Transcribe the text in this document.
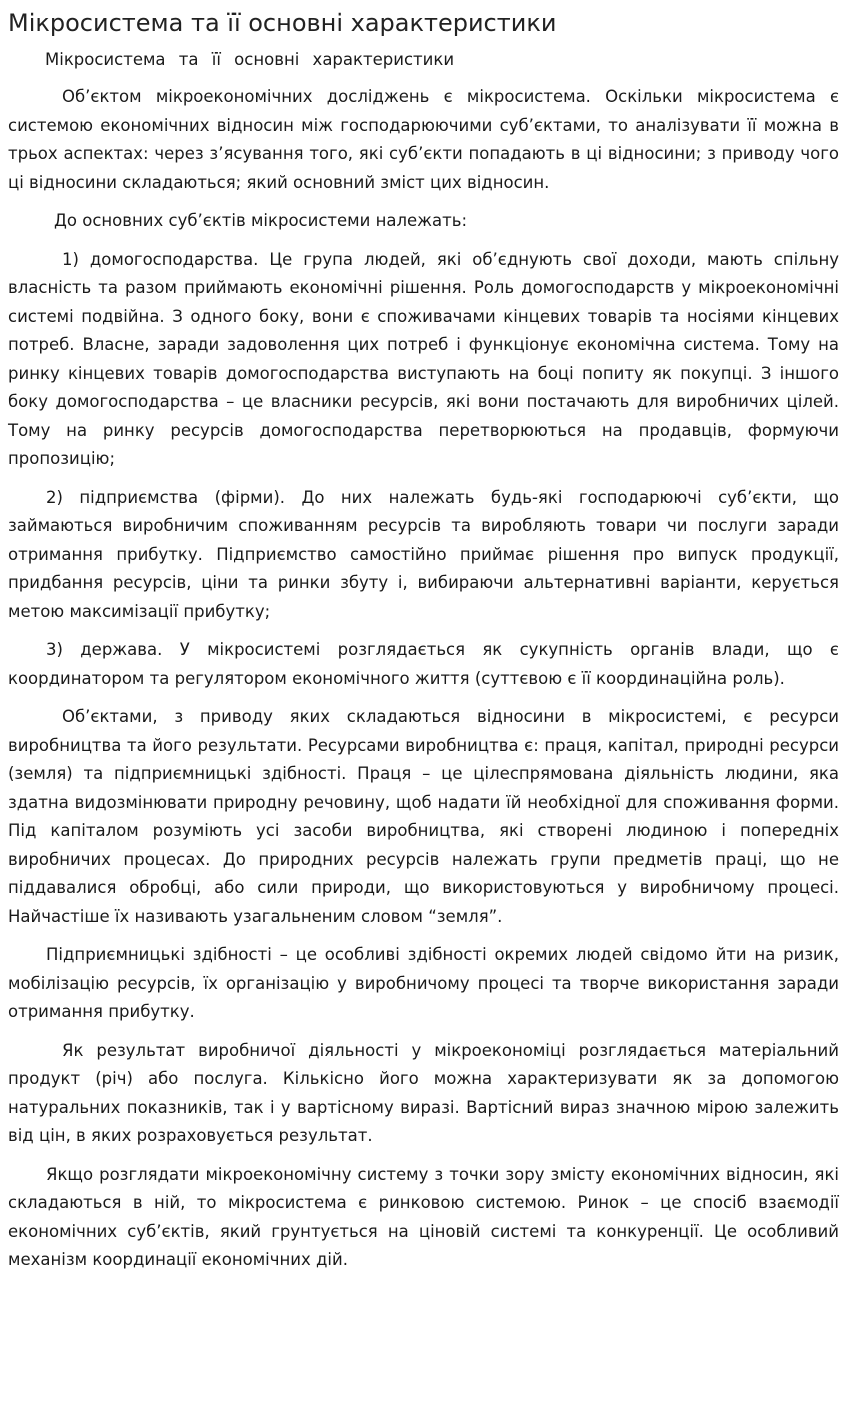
Мікросистема та її основні характеристики
Мікросистема та її основні характеристики

Об’єктом мікроекономічних досліджень є мікросистема. Оскільки мікросистема є системою економічних відносин між господарюючими суб’єктами, то аналізувати її можна в трьох аспектах: через з’ясування того, які суб’єкти попадають в ці відносини; з приводу чого ці відносини складаються; який основний зміст цих відносин.

До основних суб’єктів мікросистеми належать:

1) домогосподарства. Це група людей, які об’єднують свої доходи, мають спільну власність та разом приймають економічні рішення. Роль домогосподарств у мікроекономічні системі подвійна. З одного боку, вони є споживачами кінцевих товарів та носіями кінцевих потреб. Власне, заради задоволення цих потреб і функціонує економічна система. Тому на ринку кінцевих товарів домогосподарства виступають на боці попиту як покупці. З іншого боку домогосподарства – це власники ресурсів, які вони постачають для виробничих цілей. Тому на ринку ресурсів домогосподарства перетворюються на продавців, формуючи пропозицію;

2) підприємства (фірми). До них належать будь-які господарюючі суб’єкти, що займаються виробничим споживанням ресурсів та виробляють товари чи послуги заради отримання прибутку. Підприємство самостійно приймає рішення про випуск продукції, придбання ресурсів, ціни та ринки збуту і, вибираючи альтернативні варіанти, керується метою максимізації прибутку;

3) держава. У мікросистемі розглядається як сукупність органів влади, що є координатором та регулятором економічного життя (суттєвою є її координаційна роль).

Об’єктами, з приводу яких складаються відносини в мікросистемі, є ресурси виробництва та його результати. Ресурсами виробництва є: праця, капітал, природні ресурси (земля) та підприємницькі здібності. Праця – це цілеспрямована діяльність людини, яка здатна видозмінювати природну речовину, щоб надати їй необхідної для споживання форми. Під капіталом розуміють усі засоби виробництва, які створені людиною і попередніх виробничих процесах. До природних ресурсів належать групи предметів праці, що не піддавалися обробці, або сили природи, що використовуються у виробничому процесі. Найчастіше їх називають узагальненим словом “земля”.

Підприємницькі здібності – це особливі здібності окремих людей свідомо йти на ризик, мобілізацію ресурсів, їх організацію у виробничому процесі та творче використання заради отримання прибутку.

Як результат виробничої діяльності у мікроекономіці розглядається матеріальний продукт (річ) або послуга. Кількісно його можна характеризувати як за допомогою натуральних показників, так і у вартісному виразі. Вартісний вираз значною мірою залежить від цін, в яких розраховується результат.

Якщо розглядати мікроекономічну систему з точки зору змісту економічних відносин, які складаються в ній, то мікросистема є ринковою системою. Ринок – це спосіб взаємодії економічних суб’єктів, який грунтується на ціновій системі та конкуренції. Це особливий механізм координації економічних дій.
